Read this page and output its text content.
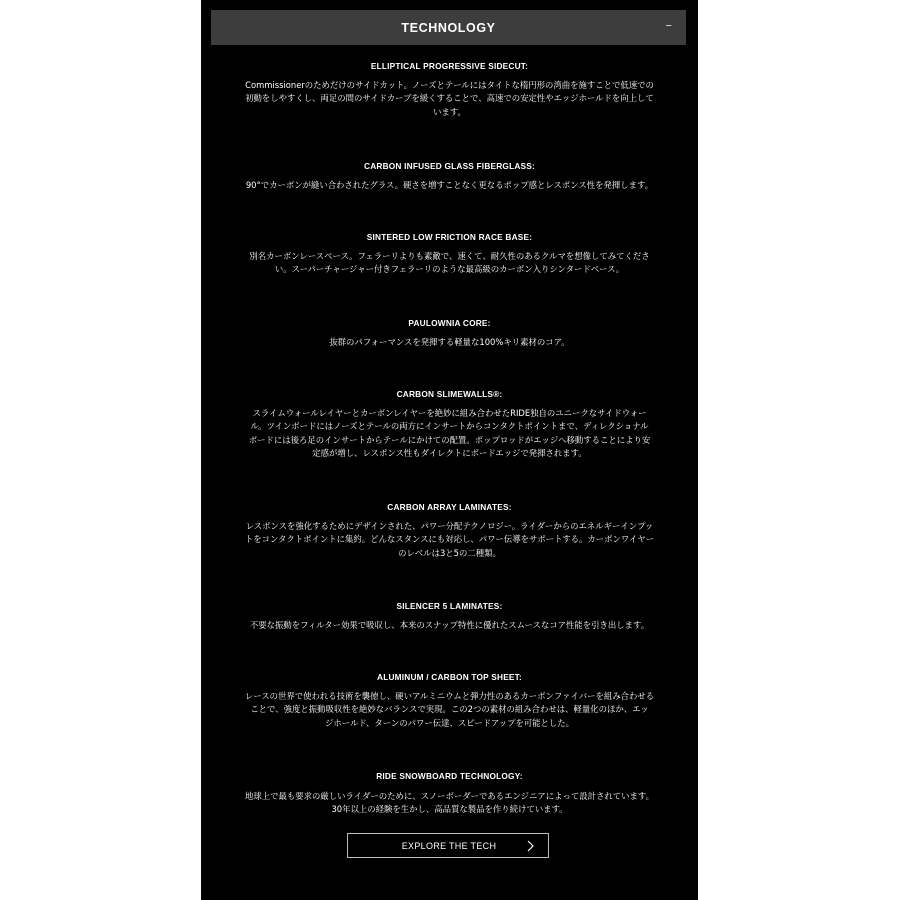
TECHNOLOGY	–
ELLIPTICAL PROGRESSIVE SIDECUT:

Commissionerのためだけのサイドカット。ノーズとテールにはタイトな楕円形の湾曲を施すことで低速での
初動をしやすくし、両足の間のサイドカーブを緩くすることで、高速での安定性やエッジホールドを向上して
います。

CARBON INFUSED GLASS FIBERGLASS:

90°でカーボンが縫い合わされたグラス。硬さを増すことなく更なるポップ感とレスポンス性を発揮します。

SINTERED LOW FRICTION RACE BASE:

別名カーボンレースベース。フェラーリよりも素敵で、速くて、耐久性のあるクルマを想像してみてくださ
い。スーパーチャージャー付きフェラーリのような最高級のカーボン入りシンタードベース。

PAULOWNIA CORE:

抜群のパフォーマンスを発揮する軽量な100%キリ素材のコア。

CARBON SLIMEWALLS®:

スライムウォールレイヤーとカーボンレイヤーを絶妙に組み合わせたRIDE独自のユニークなサイドウォー
ル。ツインボードにはノーズとテールの両方にインサートからコンタクトポイントまで、ディレクショナル
ボードには後ろ足のインサートからテールにかけての配置。ポップロッドがエッジへ移動することにより安
定感が増し、レスポンス性もダイレクトにボードエッジで発揮されます。

CARBON ARRAY LAMINATES:

レスポンスを強化するためにデザインされた、パワー分配テクノロジー。ライダーからのエネルギーインプッ
トをコンタクトポイントに集約。どんなスタンスにも対応し、パワー伝導をサポートする。カーボンワイヤー
のレベルは3と5の二種類。

SILENCER 5 LAMINATES:

不要な振動をフィルター効果で吸収し、本来のスナップ特性に優れたスムースなコア性能を引き出します。

ALUMINUM / CARBON TOP SHEET:

レースの世界で使われる技術を襲徳し、硬いアルミニウムと弾力性のあるカーボンファイバーを組み合わせる
ことで、強度と振動吸収性を絶妙なバランスで実現。この2つの素材の組み合わせは、軽量化のほか、エッ
ジホールド、ターンのパワー伝達、スピードアップを可能とした。

RIDE SNOWBOARD TECHNOLOGY:

地球上で最も要求の厳しいライダーのために、スノーボーダーであるエンジニアによって設計されています。
30年以上の経験を生かし、高品質な製品を作り続けています。

EXPLORE THE TECH
